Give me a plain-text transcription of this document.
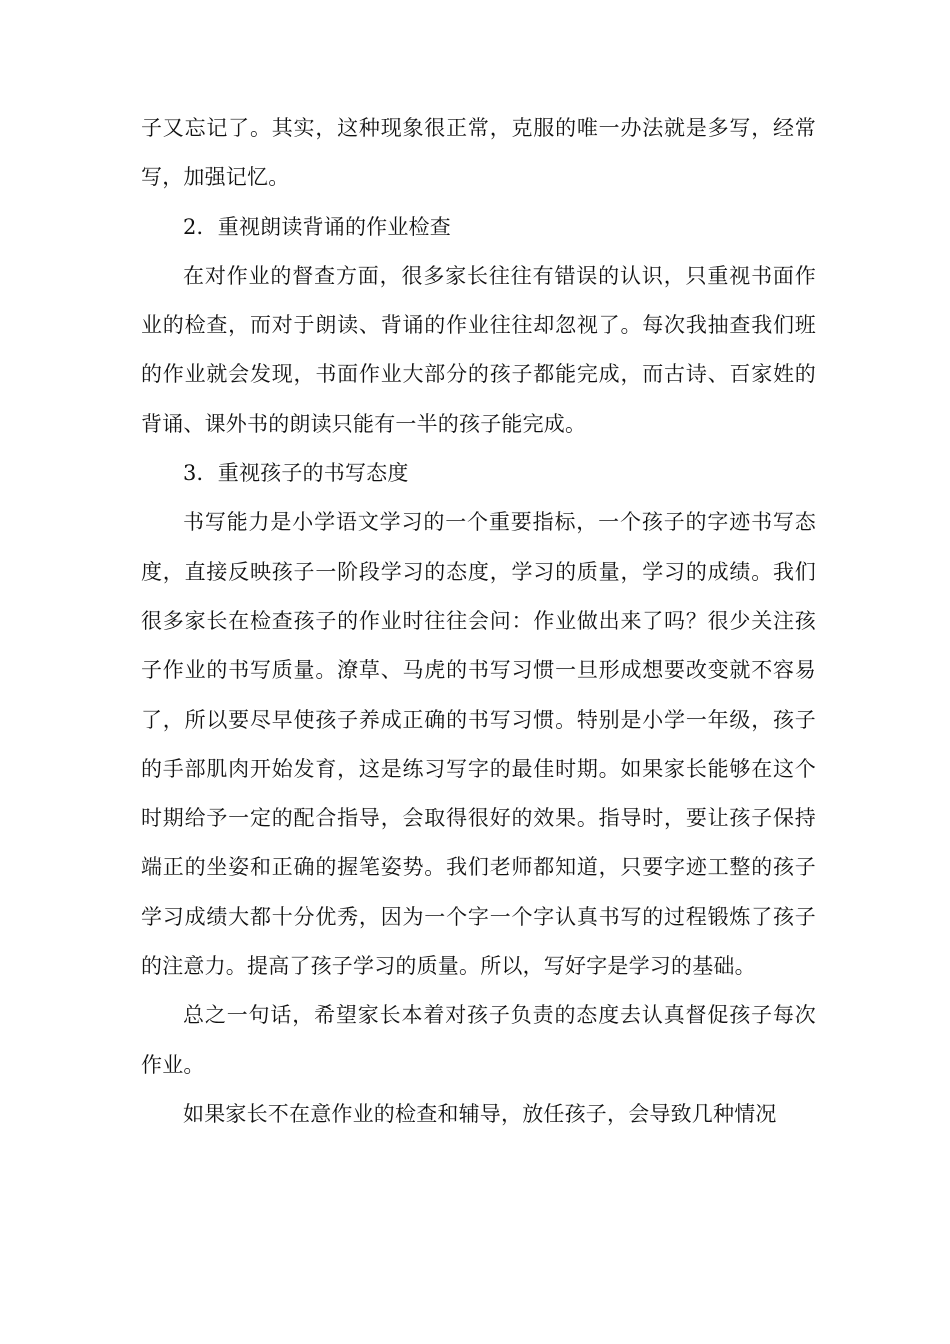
子又忘记了。其实，这种现象很正常，克服的唯一办法就是多写，经常写，加强记忆。

2．重视朗读背诵的作业检查

在对作业的督查方面，很多家长往往有错误的认识，只重视书面作业的检查，而对于朗读、背诵的作业往往却忽视了。每次我抽查我们班的作业就会发现，书面作业大部分的孩子都能完成，而古诗、百家姓的背诵、课外书的朗读只能有一半的孩子能完成。

3．重视孩子的书写态度

书写能力是小学语文学习的一个重要指标，一个孩子的字迹书写态度，直接反映孩子一阶段学习的态度，学习的质量，学习的成绩。我们很多家长在检查孩子的作业时往往会问：作业做出来了吗？很少关注孩子作业的书写质量。潦草、马虎的书写习惯一旦形成想要改变就不容易了，所以要尽早使孩子养成正确的书写习惯。特别是小学一年级，孩子的手部肌肉开始发育，这是练习写字的最佳时期。如果家长能够在这个时期给予一定的配合指导，会取得很好的效果。指导时，要让孩子保持端正的坐姿和正确的握笔姿势。我们老师都知道，只要字迹工整的孩子学习成绩大都十分优秀，因为一个字一个字认真书写的过程锻炼了孩子的注意力。提高了孩子学习的质量。所以，写好字是学习的基础。

总之一句话，希望家长本着对孩子负责的态度去认真督促孩子每次作业。

如果家长不在意作业的检查和辅导，放任孩子，会导致几种情况
